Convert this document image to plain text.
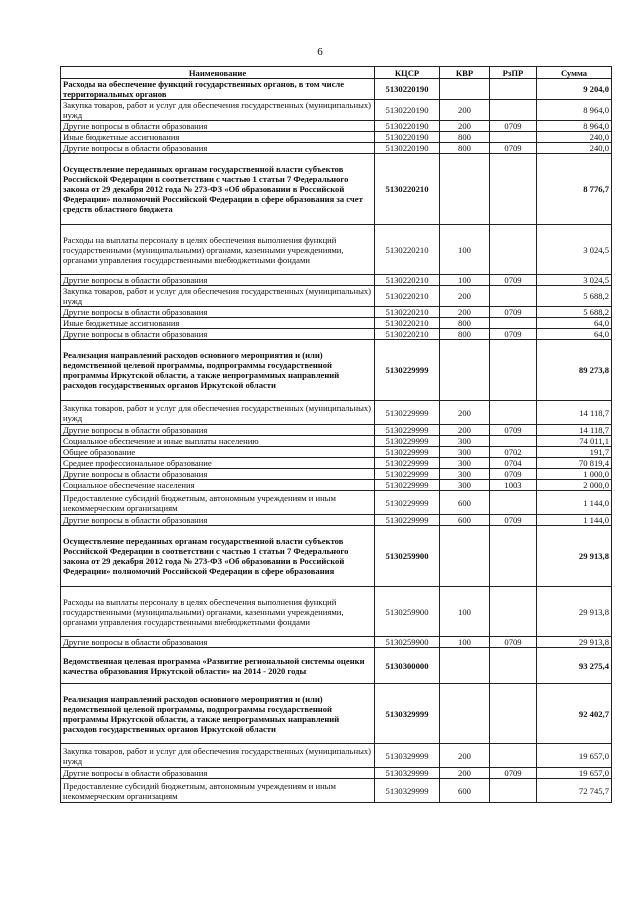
6
Наименование	КЦСР	КВР	РзПР	Сумма
Расходы на обеспечение функций государственных органов, в том числе территориальных органов	5130220190			9 204,0
Закупка товаров, работ и услуг для обеспечения государственных (муниципальных) нужд	5130220190	200		8 964,0
Другие вопросы в области образования	5130220190	200	0709	8 964,0
Иные бюджетные ассигнования	5130220190	800		240,0
Другие вопросы в области образования	5130220190	800	0709	240,0
Осуществление переданных органам государственной власти субъектов Российской Федерации в соответствии с частью 1 статьи 7 Федерального закона от 29 декабря 2012 года № 273-ФЗ «Об образовании в Российской Федерации» полномочий Российской Федерации в сфере образования за счет средств областного бюджета	5130220210			8 776,7
Расходы на выплаты персоналу в целях обеспечения выполнения функций государственными (муниципальными) органами, казенными учреждениями, органами управления государственными внебюджетными фондами	5130220210	100		3 024,5
Другие вопросы в области образования	5130220210	100	0709	3 024,5
Закупка товаров, работ и услуг для обеспечения государственных (муниципальных) нужд	5130220210	200		5 688,2
Другие вопросы в области образования	5130220210	200	0709	5 688,2
Иные бюджетные ассигнования	5130220210	800		64,0
Другие вопросы в области образования	5130220210	800	0709	64,0
Реализация направлений расходов основного мероприятия и (или) ведомственной целевой программы, подпрограммы государственной программы Иркутской области, а также непрограммных направлений расходов государственных органов Иркутской области	5130229999			89 273,8
Закупка товаров, работ и услуг для обеспечения государственных (муниципальных) нужд	5130229999	200		14 118,7
Другие вопросы в области образования	5130229999	200	0709	14 118,7
Социальное обеспечение и иные выплаты населению	5130229999	300		74 011,1
Общее образование	5130229999	300	0702	191,7
Среднее профессиональное образование	5130229999	300	0704	70 819,4
Другие вопросы в области образования	5130229999	300	0709	1 000,0
Социальное обеспечение населения	5130229999	300	1003	2 000,0
Предоставление субсидий бюджетным, автономным учреждениям и иным некоммерческим организациям	5130229999	600		1 144,0
Другие вопросы в области образования	5130229999	600	0709	1 144,0
Осуществление переданных органам государственной власти субъектов Российской Федерации в соответствии с частью 1 статьи 7 Федерального закона от 29 декабря 2012 года № 273-ФЗ «Об образовании в Российской Федерации» полномочий Российской Федерации в сфере образования	5130259900			29 913,8
Расходы на выплаты персоналу в целях обеспечения выполнения функций государственными (муниципальными) органами, казенными учреждениями, органами управления государственными внебюджетными фондами	5130259900	100		29 913,8
Другие вопросы в области образования	5130259900	100	0709	29 913,8
Ведомственная целевая программа «Развитие региональной системы оценки качества образования Иркутской области» на 2014 - 2020 годы	5130300000			93 275,4
Реализация направлений расходов основного мероприятия и (или) ведомственной целевой программы, подпрограммы государственной программы Иркутской области, а также непрограммных направлений расходов государственных органов Иркутской области	5130329999			92 402,7
Закупка товаров, работ и услуг для обеспечения государственных (муниципальных) нужд	5130329999	200		19 657,0
Другие вопросы в области образования	5130329999	200	0709	19 657,0
Предоставление субсидий бюджетным, автономным учреждениям и иным некоммерческим организациям	5130329999	600		72 745,7
